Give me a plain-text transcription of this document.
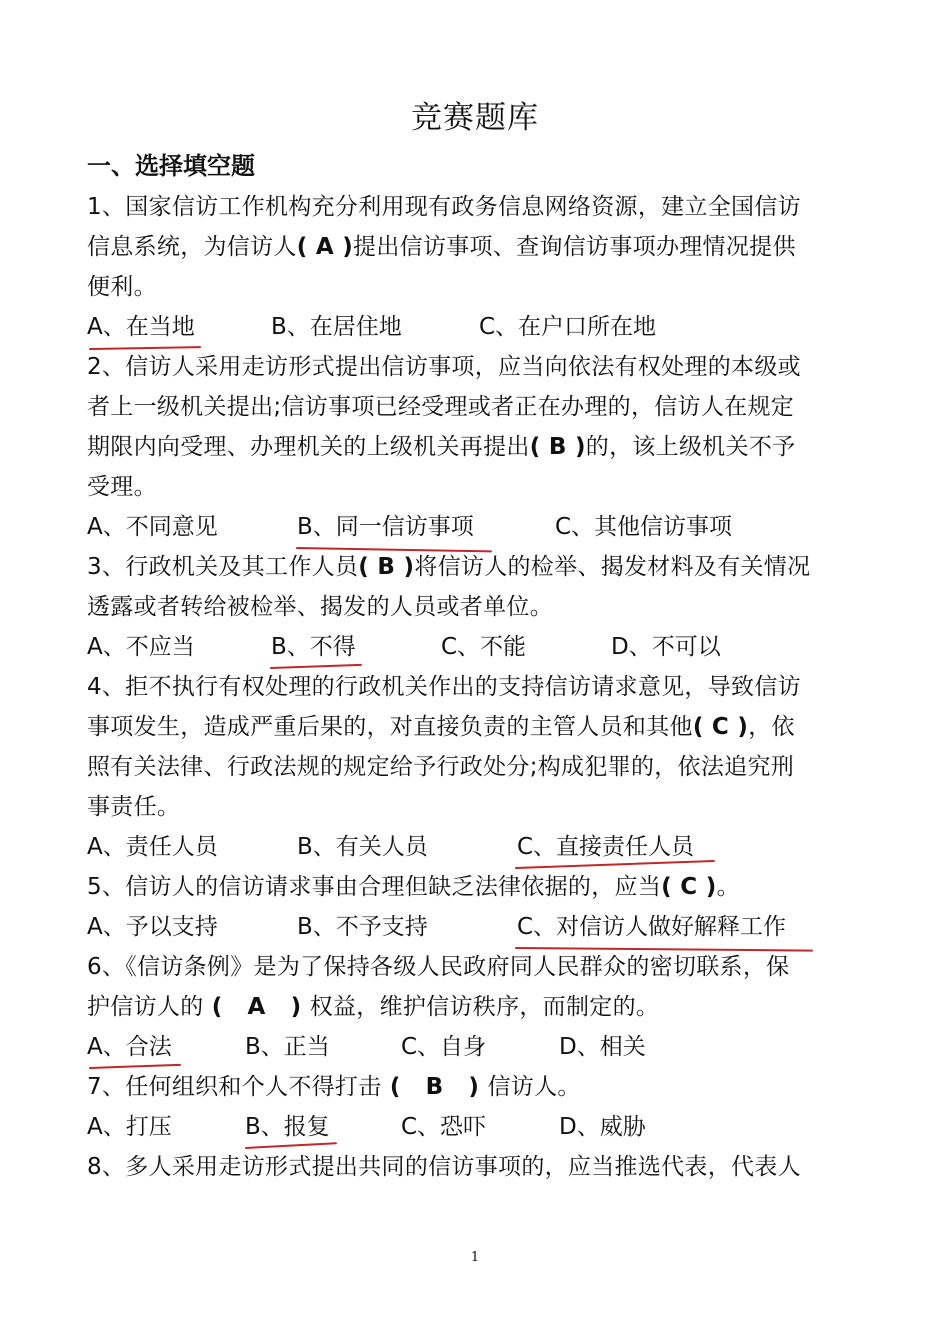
竞赛题库
一、选择填空题
1、国家信访工作机构充分利用现有政务信息网络资源，建立全国信访
信息系统，为信访人( A )提出信访事项、查询信访事项办理情况提供
便利。
A、在当地	B、在居住地	C、在户口所在地
2、信访人采用走访形式提出信访事项，应当向依法有权处理的本级或
者上一级机关提出;信访事项已经受理或者正在办理的，信访人在规定
期限内向受理、办理机关的上级机关再提出( B )的，该上级机关不予
受理。
A、不同意见	B、同一信访事项	C、其他信访事项
3、行政机关及其工作人员( B )将信访人的检举、揭发材料及有关情况
透露或者转给被检举、揭发的人员或者单位。
A、不应当	B、不得	C、不能	D、不可以
4、拒不执行有权处理的行政机关作出的支持信访请求意见，导致信访
事项发生，造成严重后果的，对直接负责的主管人员和其他( C )，依
照有关法律、行政法规的规定给予行政处分;构成犯罪的，依法追究刑
事责任。
A、责任人员	B、有关人员	C、直接责任人员
5、信访人的信访请求事由合理但缺乏法律依据的，应当( C )。
A、予以支持	B、不予支持	C、对信访人做好解释工作
6、《信访条例》是为了保持各级人民政府同人民群众的密切联系，保
护信访人的 (   A   ) 权益，维护信访秩序，而制定的。
A、合法	B、正当	C、自身	D、相关
7、任何组织和个人不得打击 (   B   ) 信访人。
A、打压	B、报复	C、恐吓	D、威胁
8、多人采用走访形式提出共同的信访事项的，应当推选代表，代表人
1
